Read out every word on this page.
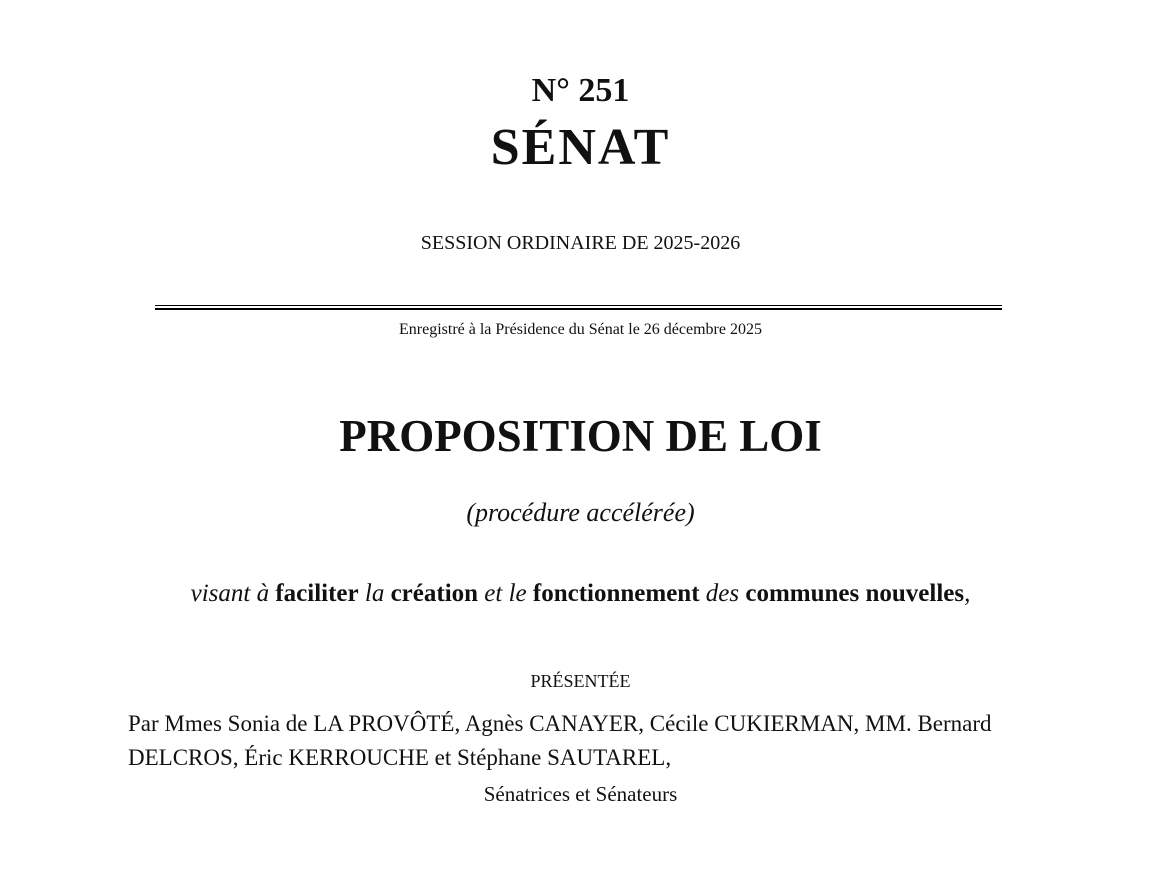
N° 251
SÉNAT
SESSION ORDINAIRE DE 2025-2026
Enregistré à la Présidence du Sénat le 26 décembre 2025
PROPOSITION DE LOI
(procédure accélérée)
visant à faciliter la création et le fonctionnement des communes nouvelles,
PRÉSENTÉE
Par Mmes Sonia de LA PROVÔTÉ, Agnès CANAYER, Cécile CUKIERMAN, MM. Bernard DELCROS, Éric KERROUCHE et Stéphane SAUTAREL,
Sénatrices et Sénateurs
